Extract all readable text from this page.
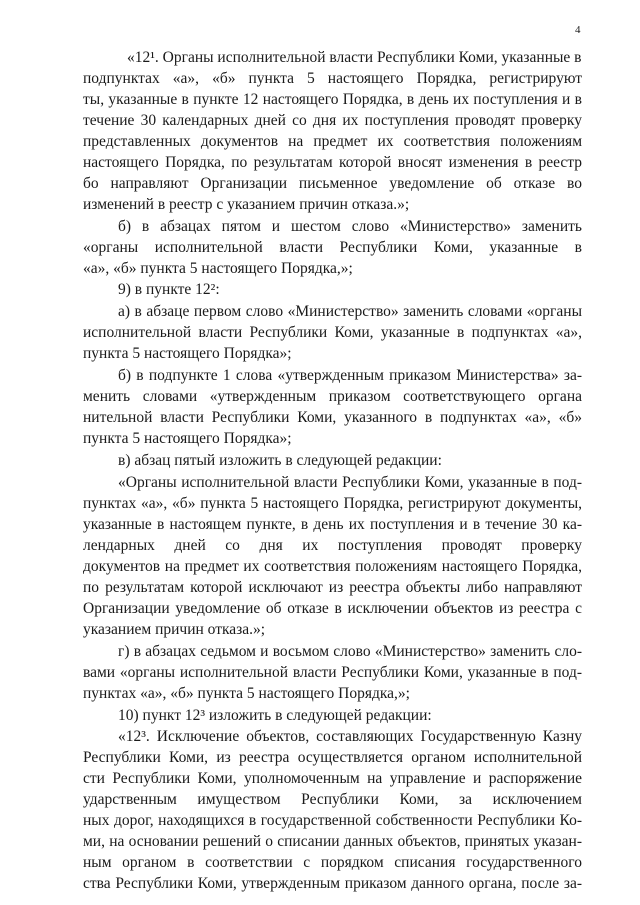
4
«12¹. Органы исполнительной власти Республики Коми, указанные в
подпунктах «а», «б» пункта 5 настоящего Порядка, регистрируют
ты, указанные в пункте 12 настоящего Порядка, в день их поступления и в
течение 30 календарных дней со дня их поступления проводят проверку
представленных документов на предмет их соответствия положениям
настоящего Порядка, по результатам которой вносят изменения в реестр
бо направляют Организации письменное уведомление об отказе во
изменений в реестр с указанием причин отказа.»;
б) в абзацах пятом и шестом слово «Министерство» заменить
«органы исполнительной власти Республики Коми, указанные в
«а», «б» пункта 5 настоящего Порядка,»;
9) в пункте 12²:
а) в абзаце первом слово «Министерство» заменить словами «органы
исполнительной власти Республики Коми, указанные в подпунктах «а»,
пункта 5 настоящего Порядка»;
б) в подпункте 1 слова «утвержденным приказом Министерства» за-
менить словами «утвержденным приказом соответствующего органа
нительной власти Республики Коми, указанного в подпунктах «а», «б»
пункта 5 настоящего Порядка»;
в) абзац пятый изложить в следующей редакции:
«Органы исполнительной власти Республики Коми, указанные в под-
пунктах «а», «б» пункта 5 настоящего Порядка, регистрируют документы,
указанные в настоящем пункте, в день их поступления и в течение 30 ка-
лендарных дней со дня их поступления проводят проверку
документов на предмет их соответствия положениям настоящего Порядка,
по результатам которой исключают из реестра объекты либо направляют
Организации уведомление об отказе в исключении объектов из реестра с
указанием причин отказа.»;
г) в абзацах седьмом и восьмом слово «Министерство» заменить сло-
вами «органы исполнительной власти Республики Коми, указанные в под-
пунктах «а», «б» пункта 5 настоящего Порядка,»;
10) пункт 12³ изложить в следующей редакции:
«12³. Исключение объектов, составляющих Государственную Казну
Республики Коми, из реестра осуществляется органом исполнительной
сти Республики Коми, уполномоченным на управление и распоряжение
ударственным имуществом Республики Коми, за исключением
ных дорог, находящихся в государственной собственности Республики Ко-
ми, на основании решений о списании данных объектов, принятых указан-
ным органом в соответствии с порядком списания государственного
ства Республики Коми, утвержденным приказом данного органа, после за-
